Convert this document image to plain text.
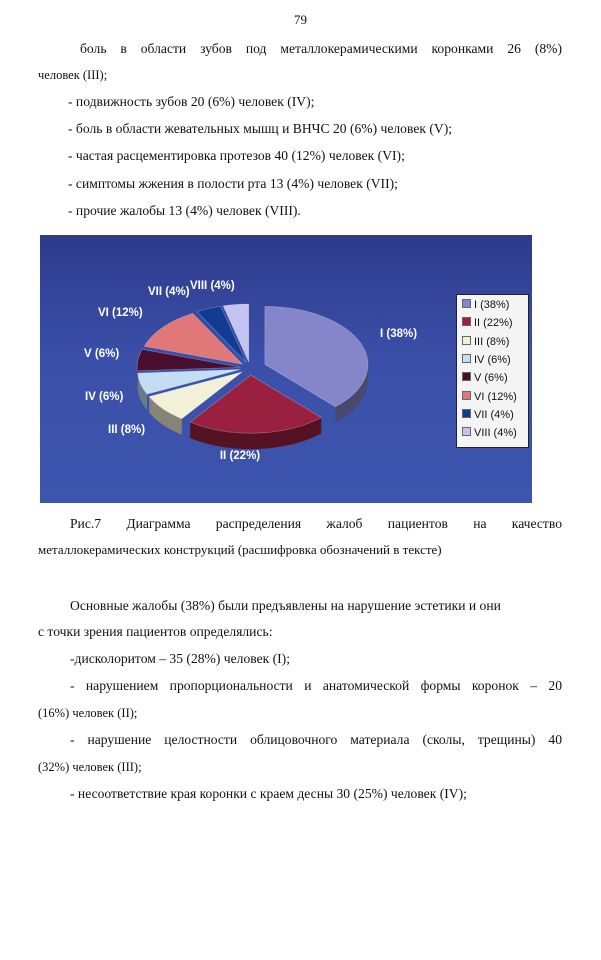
79
боль в области зубов под металлокерамическими коронками 26 (8%)
человек (III);
- подвижность зубов 20 (6%) человек (IV);
- боль в области жевательных мышц и ВНЧС 20 (6%) человек (V);
- частая расцементировка протезов 40 (12%) человек (VI);
- симптомы жжения в полости рта 13 (4%) человек (VII);
- прочие жалобы 13 (4%) человек (VIII).
I (38%)
II (22%)
III (8%)
IV (6%)
V (6%)
VI (12%)
VII (4%) VIII (4%)
I (38%)
II (22%)
III (8%)
IV (6%)
V (6%)
VI (12%)
VII (4%)
VIII (4%)
Рис.7 Диаграмма распределения жалоб пациентов на качество
металлокерамических конструкций (расшифровка обозначений в тексте)
Основные жалобы (38%) были предъявлены на нарушение эстетики и они
с точки зрения пациентов определялись:
-дисколоритом – 35 (28%) человек (I);
- нарушением пропорциональности и анатомической формы коронок – 20
(16%) человек (II);
- нарушение целостности облицовочного материала (сколы, трещины) 40
(32%) человек (III);
- несоответствие края коронки с краем десны 30 (25%) человек (IV);
